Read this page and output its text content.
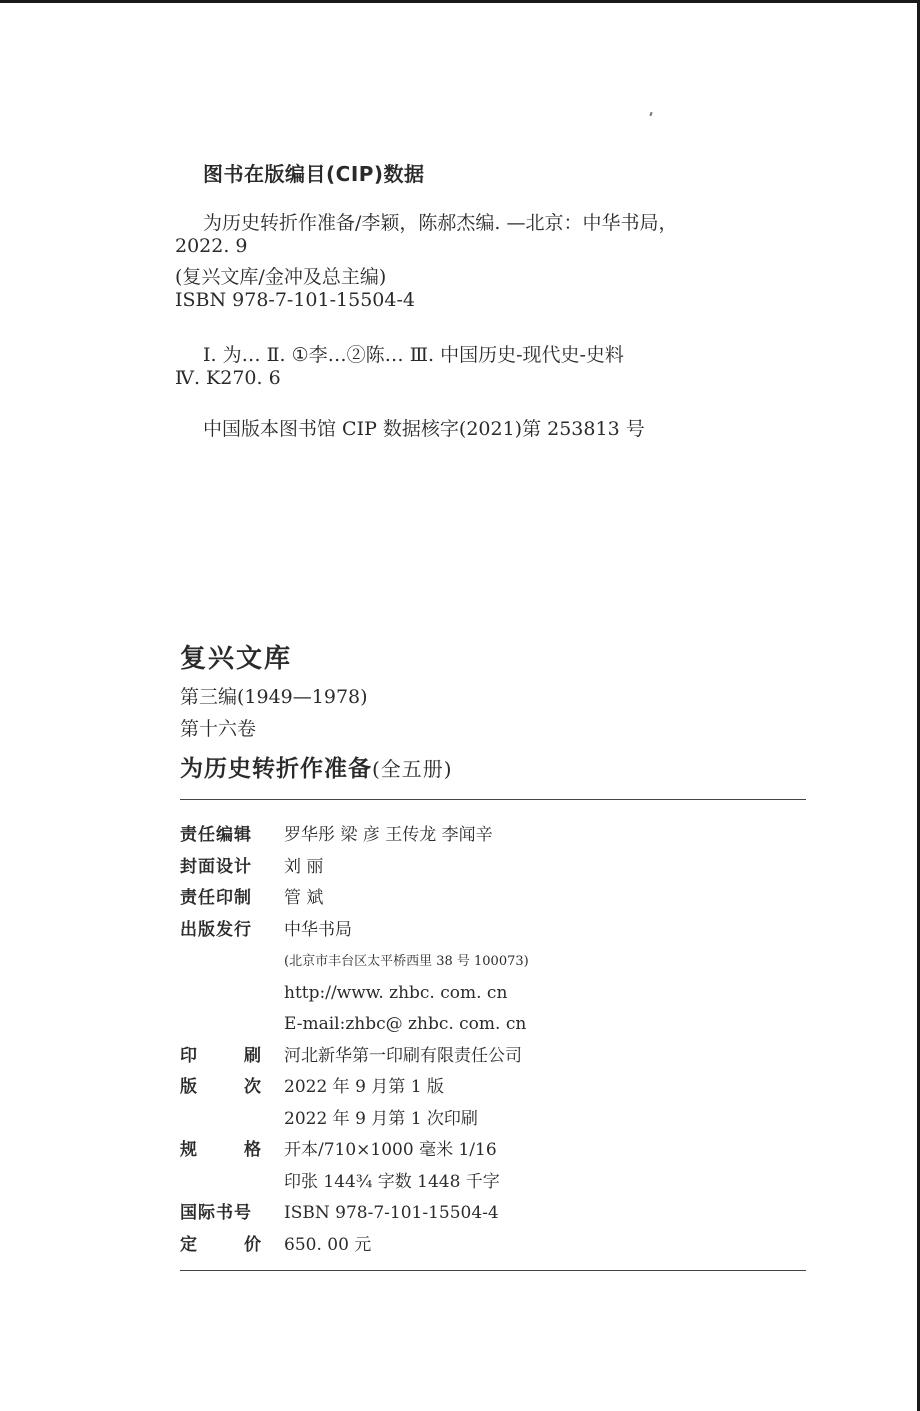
图书在版编目(CIP)数据
为历史转折作准备/李颖，陈郝杰编. —北京：中华书局，
2022. 9
(复兴文库/金冲及总主编)
ISBN 978-7-101-15504-4
Ⅰ. 为… Ⅱ. ①李…②陈… Ⅲ. 中国历史-现代史-史料
Ⅳ. K270. 6
中国版本图书馆 CIP 数据核字(2021)第 253813 号
复兴文库
第三编(1949—1978)
第十六卷
为历史转折作准备(全五册)
责任编辑	罗华彤 梁 彦 王传龙 李闻辛
封面设计	刘 丽
责任印制	管 斌
出版发行	中华书局
(北京市丰台区太平桥西里 38 号 100073)
http://www. zhbc. com. cn
E-mail:zhbc@ zhbc. com. cn
印刷 河北新华第一印刷有限责任公司
版次 2022 年 9 月第 1 版
2022 年 9 月第 1 次印刷
规格 开本/710×1000 毫米 1/16
印张 144¾ 字数 1448 千字
国际书号	ISBN 978-7-101-15504-4
定价 650. 00 元
